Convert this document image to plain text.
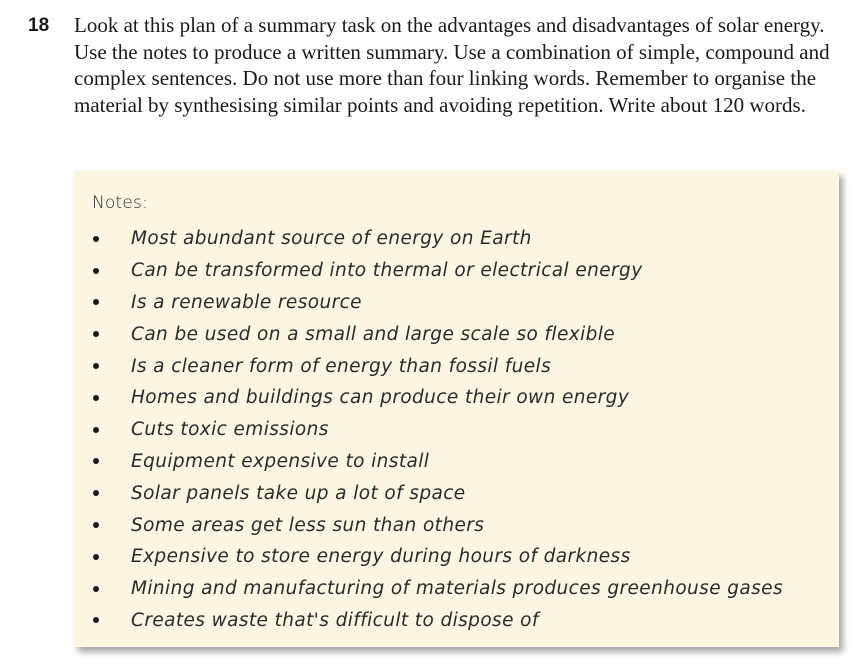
18 Look at this plan of a summary task on the advantages and disadvantages of solar energy. Use the notes to produce a written summary. Use a combination of simple, compound and complex sentences. Do not use more than four linking words. Remember to organise the material by synthesising similar points and avoiding repetition. Write about 120 words.

Notes:

Most abundant source of energy on Earth
Can be transformed into thermal or electrical energy
Is a renewable resource
Can be used on a small and large scale so flexible
Is a cleaner form of energy than fossil fuels
Homes and buildings can produce their own energy
Cuts toxic emissions
Equipment expensive to install
Solar panels take up a lot of space
Some areas get less sun than others
Expensive to store energy during hours of darkness
Mining and manufacturing of materials produces greenhouse gases
Creates waste that's difficult to dispose of
